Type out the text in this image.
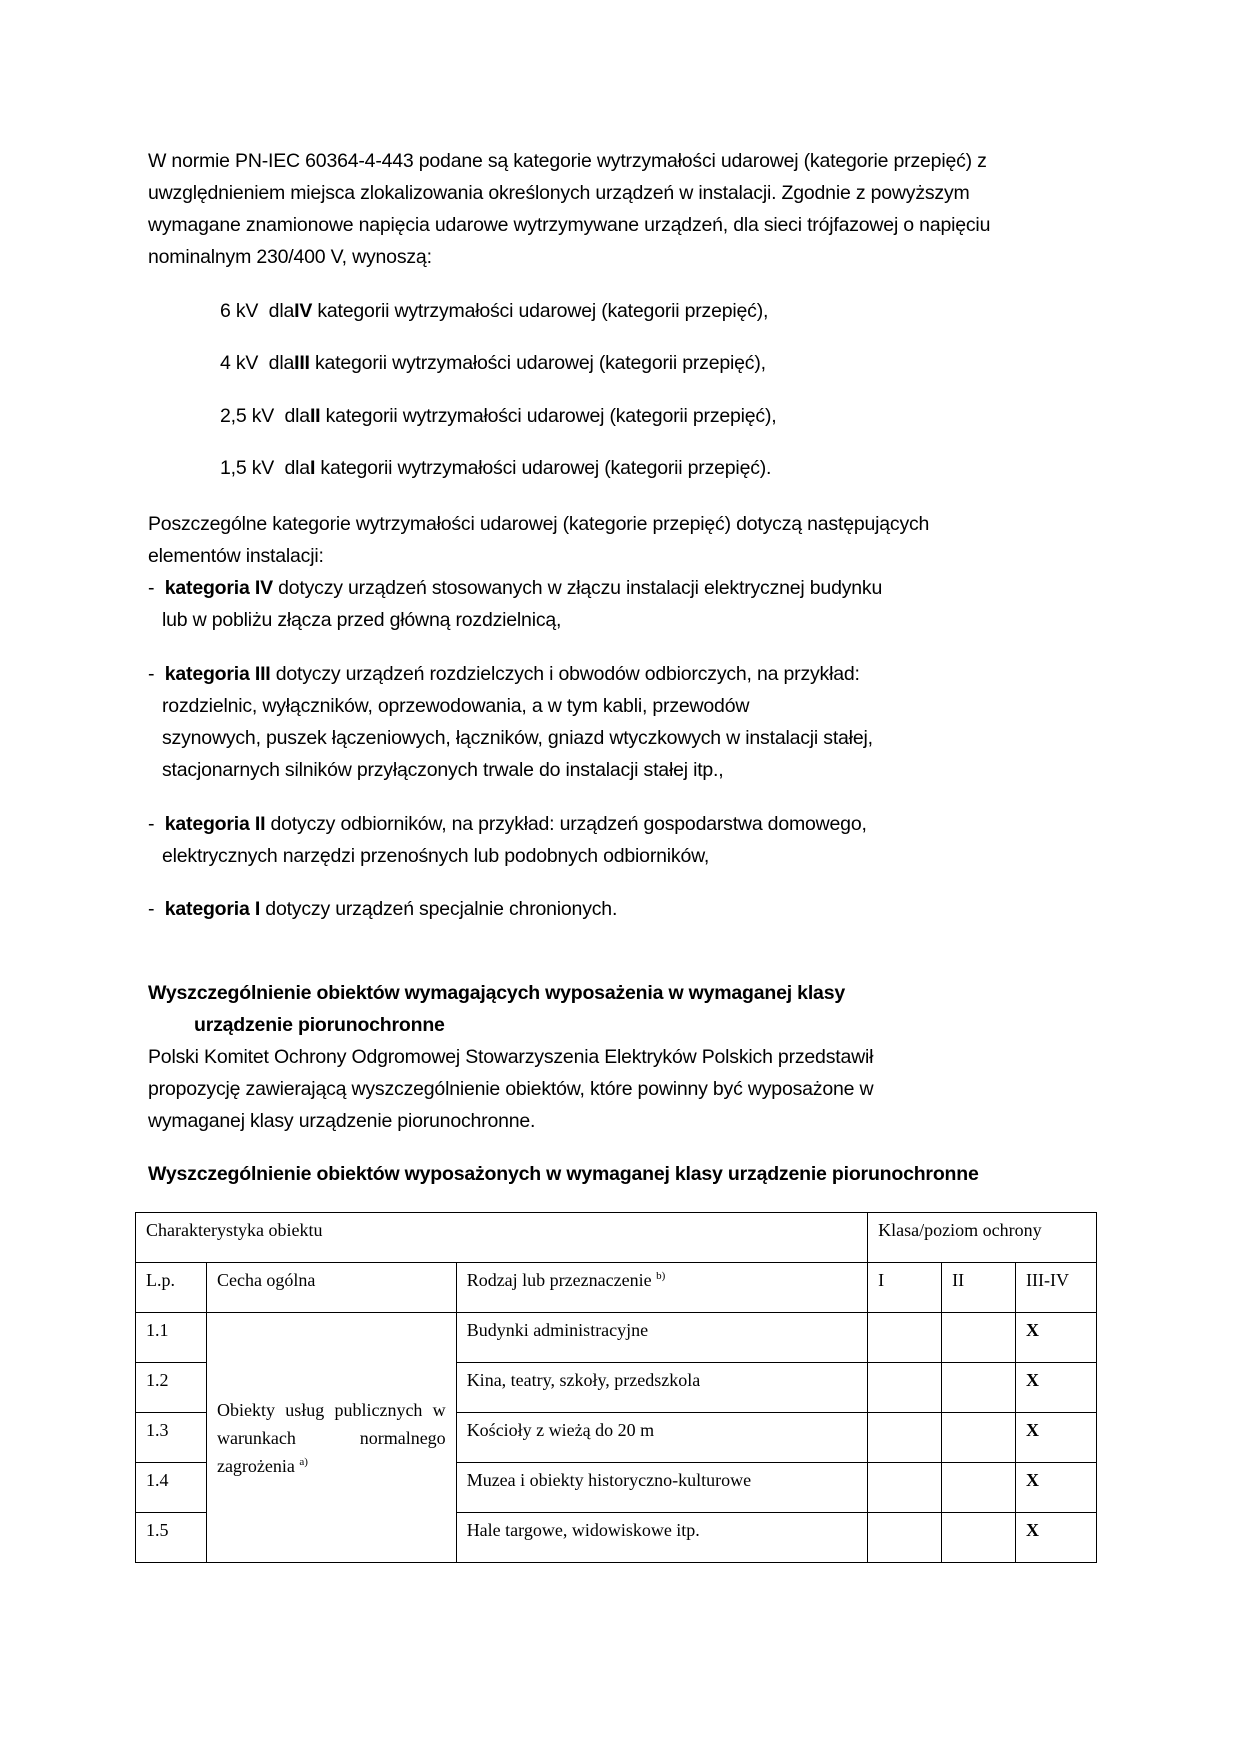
W normie PN-IEC 60364-4-443 podane są kategorie wytrzymałości udarowej (kategorie przepięć) z
uwzględnieniem miejsca zlokalizowania określonych urządzeń w instalacji. Zgodnie z powyższym
wymagane znamionowe napięcia udarowe wytrzymywane urządzeń, dla sieci trójfazowej o napięciu
nominalnym 230/400 V, wynoszą:
6 kV dlaIV kategorii wytrzymałości udarowej (kategorii przepięć),
4 kV dlaIII kategorii wytrzymałości udarowej (kategorii przepięć),
2,5 kV dlaII kategorii wytrzymałości udarowej (kategorii przepięć),
1,5 kV dlaI kategorii wytrzymałości udarowej (kategorii przepięć).
Poszczególne kategorie wytrzymałości udarowej (kategorie przepięć) dotyczą następujących
elementów instalacji:
- kategoria IV dotyczy urządzeń stosowanych w złączu instalacji elektrycznej budynku
lub w pobliżu złącza przed główną rozdzielnicą,
- kategoria III dotyczy urządzeń rozdzielczych i obwodów odbiorczych, na przykład:
rozdzielnic, wyłączników, oprzewodowania, a w tym kabli, przewodów
szynowych, puszek łączeniowych, łączników, gniazd wtyczkowych w instalacji stałej,
stacjonarnych silników przyłączonych trwale do instalacji stałej itp.,
- kategoria II dotyczy odbiorników, na przykład: urządzeń gospodarstwa domowego,
elektrycznych narzędzi przenośnych lub podobnych odbiorników,
- kategoria I dotyczy urządzeń specjalnie chronionych.
Wyszczególnienie obiektów wymagających wyposażenia w wymaganej klasy
urządzenie piorunochronne
Polski Komitet Ochrony Odgromowej Stowarzyszenia Elektryków Polskich przedstawił
propozycję zawierającą wyszczególnienie obiektów, które powinny być wyposażone w
wymaganej klasy urządzenie piorunochronne.
Wyszczególnienie obiektów wyposażonych w wymaganej klasy urządzenie piorunochronne
Charakterystyka obiektu			Klasa/poziom ochrony		
L.p.	Cecha ogólna	Rodzaj lub przeznaczenie $^{b)}$	I	II	III-IV
1.1	Obiekty usług publicznych w warunkach normalnego zagrożenia $^{a)}$	Budynki administracyjne			X
1.2		Kina, teatry, szkoły, przedszkola			X
1.3		Kościoły z wieżą do 20 m			X
1.4		Muzea i obiekty historyczno-kulturowe			X
1.5		Hale targowe, widowiskowe itp.			X
